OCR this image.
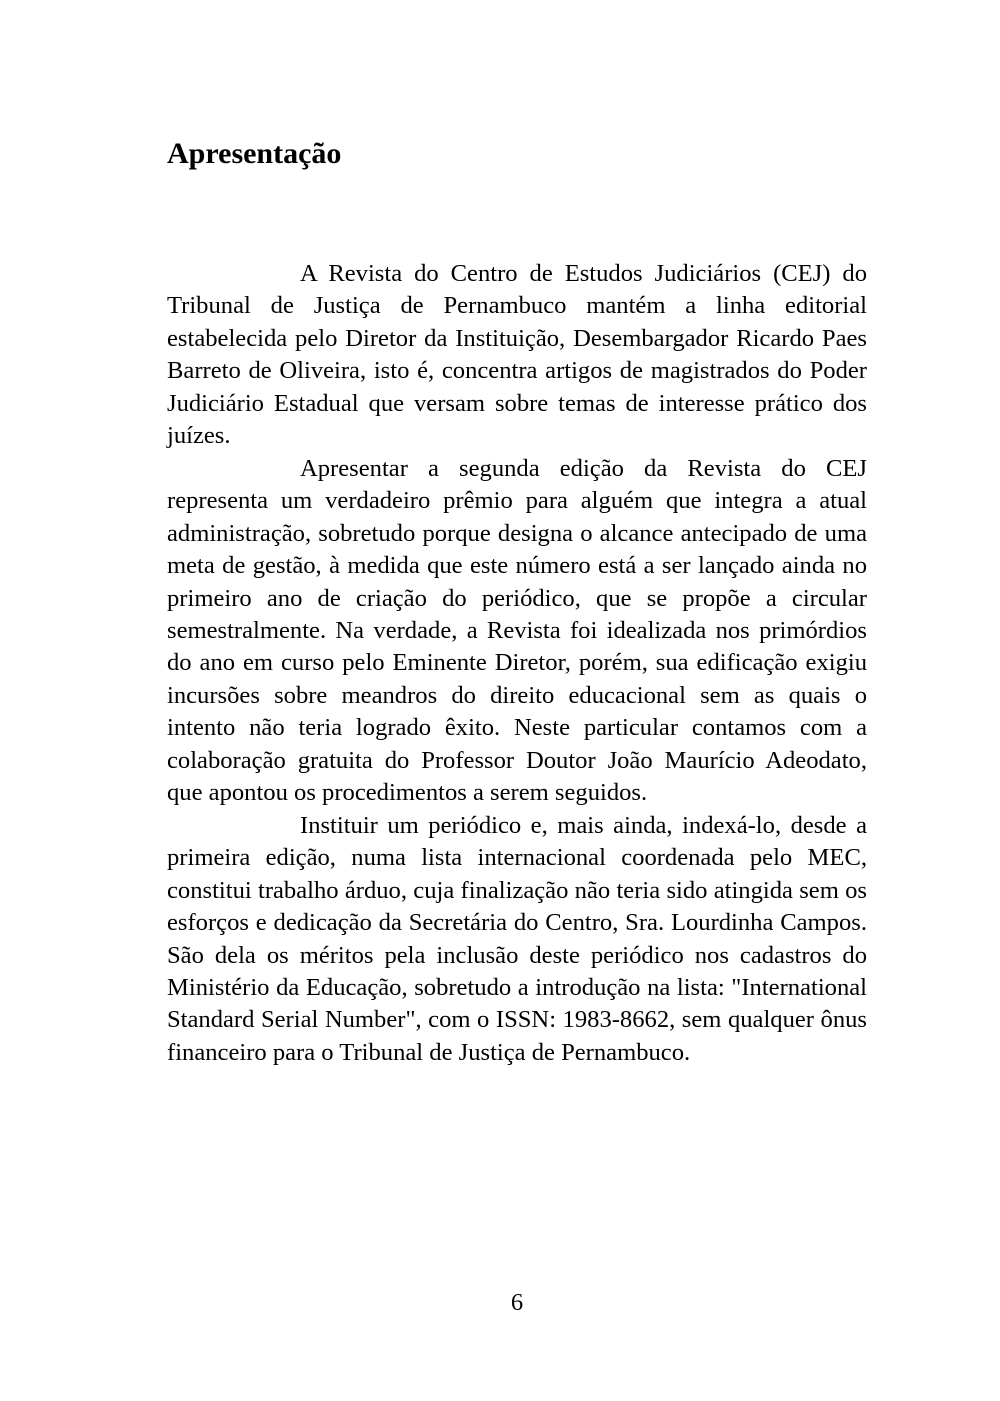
Apresentação

A Revista do Centro de Estudos Judiciários (CEJ) do Tribunal de Justiça de Pernambuco mantém a linha editorial estabelecida pelo Diretor da Instituição, Desembargador Ricardo Paes Barreto de Oliveira, isto é, concentra artigos de magistrados do Poder Judiciário Estadual que versam sobre temas de interesse prático dos juízes.

Apresentar a segunda edição da Revista do CEJ representa um verdadeiro prêmio para alguém que integra a atual administração, sobretudo porque designa o alcance antecipado de uma meta de gestão, à medida que este número está a ser lançado ainda no primeiro ano de criação do periódico, que se propõe a circular semestralmente. Na verdade, a Revista foi idealizada nos primórdios do ano em curso pelo Eminente Diretor, porém, sua edificação exigiu incursões sobre meandros do direito educacional sem as quais o intento não teria logrado êxito. Neste particular contamos com a colaboração gratuita do Professor Doutor João Maurício Adeodato, que apontou os procedimentos a serem seguidos.

Instituir um periódico e, mais ainda, indexá-lo, desde a primeira edição, numa lista internacional coordenada pelo MEC, constitui trabalho árduo, cuja finalização não teria sido atingida sem os esforços e dedicação da Secretária do Centro, Sra. Lourdinha Campos. São dela os méritos pela inclusão deste periódico nos cadastros do Ministério da Educação, sobretudo a introdução na lista: "International Standard Serial Number", com o ISSN: 1983-8662, sem qualquer ônus financeiro para o Tribunal de Justiça de Pernambuco.

6
